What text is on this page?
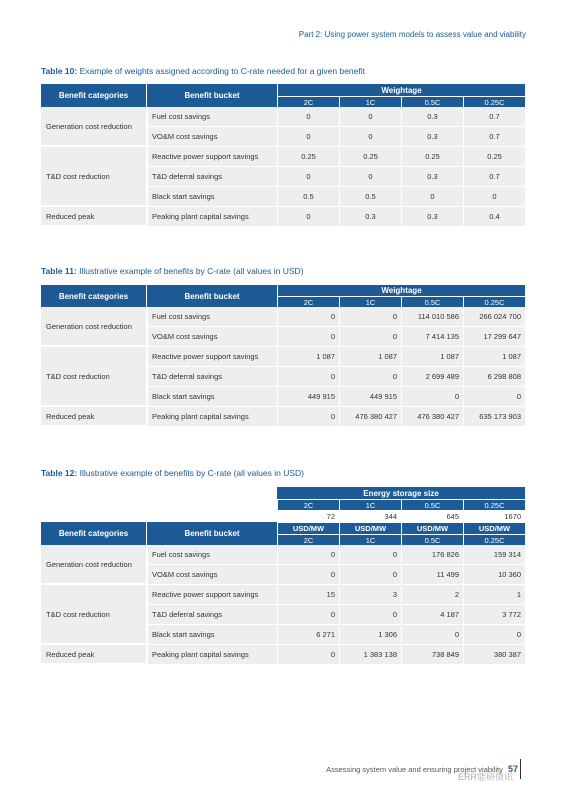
Part 2: Using power system models to assess value and viability
Table 10: Example of weights assigned according to C-rate needed for a given benefit
Benefit categories	Benefit bucket	Weightage			
		2C	1C	0.5C	0.25C
Generation cost reduction	Fuel cost savings	0	0	0.3	0.7
	VO&M cost savings	0	0	0.3	0.7
T&D cost reduction	Reactive power support savings	0.25	0.25	0.25	0.25
	T&D deferral savings	0	0	0.3	0.7
	Black start savings	0.5	0.5	0	0
Reduced peak	Peaking plant capital savings	0	0.3	0.3	0.4
Table 11: Illustrative example of benefits by C-rate (all values in USD)
Benefit categories	Benefit bucket	Weightage			
		2C	1C	0.5C	0.25C
Generation cost reduction	Fuel cost savings	0	0	114 010 586	266 024 700
	VO&M cost savings	0	0	7 414 135	17 299 647
T&D cost reduction	Reactive power support savings	1 087	1 087	1 087	1 087
	T&D deferral savings	0	0	2 699 489	6 298 808
	Black start savings	449 915	449 915	0	0
Reduced peak	Peaking plant capital savings	0	476 380 427	476 380 427	635 173 903
Table 12: Illustrative example of benefits by C-rate (all values in USD)
		Energy storage size			
		2C	1C	0.5C	0.25C
		72	344	645	1670
Benefit categories	Benefit bucket	USD/MW	USD/MW	USD/MW	USD/MW
		2C	1C	0.5C	0.25C
Generation cost reduction	Fuel cost savings	0	0	176 826	159 314
	VO&M cost savings	0	0	11 499	10 360
T&D cost reduction	Reactive power support savings	15	3	2	1
	T&D deferral savings	0	0	4 187	3 772
	Black start savings	6 271	1 306	0	0
Reduced peak	Peaking plant capital savings	0	1 383 138	738 849	380 387
Assessing system value and ensuring project viability 57
ERR能研微讯
